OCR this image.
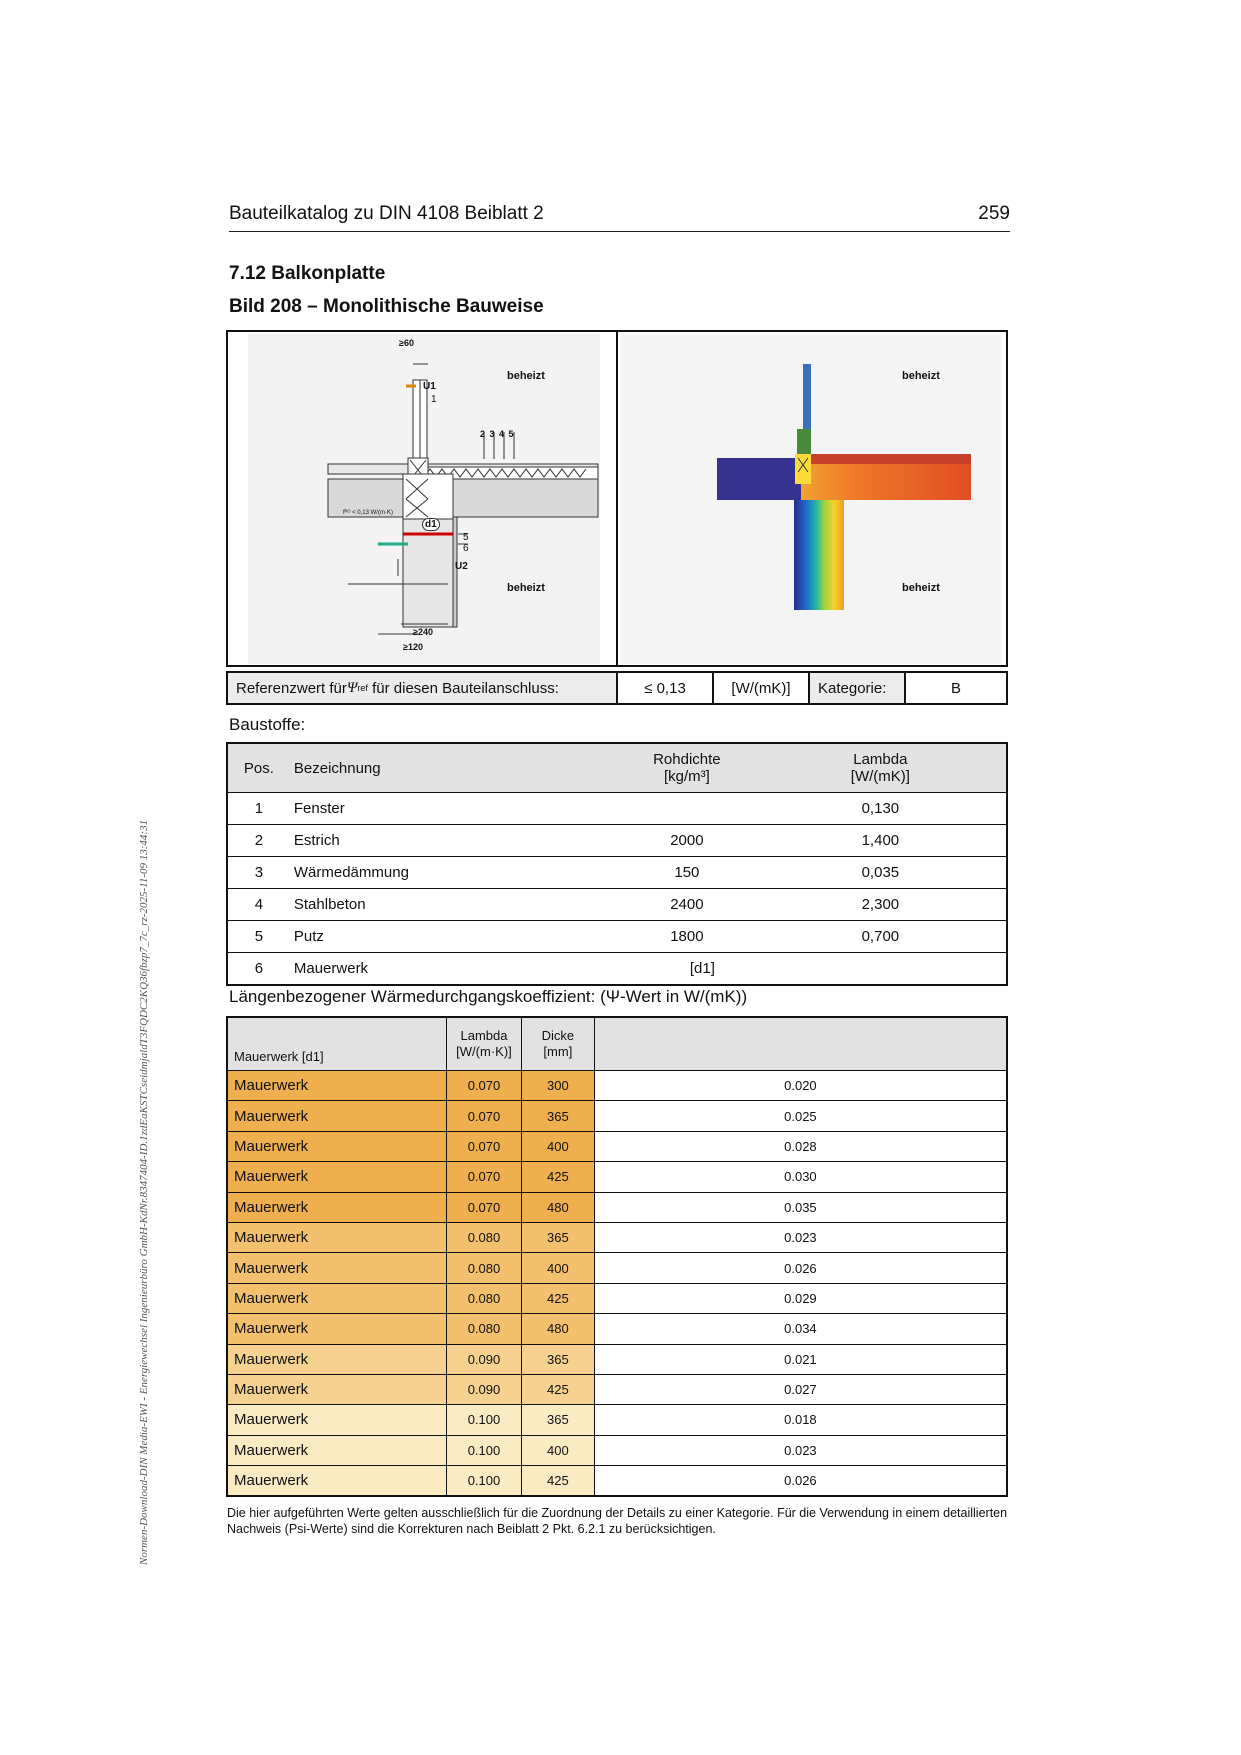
Bauteilkatalog zu DIN 4108 Beiblatt 2	259
7.12 Balkonplatte
Bild 208 – Monolithische Bauweise
≥60
U1
1
2 3 4 5
beheizt
fᴿᴼ < 0,13 W/(m·K)
d1
5
6
U2
beheizt
≥240
≥120
beheizt
beheizt
Referenzwert für Ψ ref für diesen Bauteilanschluss:	≤ 0,13	[W/(mK)]	Kategorie:	B
Baustoffe:
Pos.	Bezeichnung	Rohdichte
[kg/m³]	Lambda
[W/(mK)]
1	Fenster		0,130
2	Estrich	2000	1,400
3	Wärmedämmung	150	0,035
4	Stahlbeton	2400	2,300
5	Putz	1800	0,700
6	Mauerwerk [d1]		

Längenbezogener Wärmedurchgangskoeffizient: (Ψ-Wert in W/(mK))
Mauerwerk [d1]	Lambda
[W/(m·K)]	Dicke
[mm]	
Mauerwerk	0.070	300	0.020
Mauerwerk	0.070	365	0.025
Mauerwerk	0.070	400	0.028
Mauerwerk	0.070	425	0.030
Mauerwerk	0.070	480	0.035
Mauerwerk	0.080	365	0.023
Mauerwerk	0.080	400	0.026
Mauerwerk	0.080	425	0.029
Mauerwerk	0.080	480	0.034
Mauerwerk	0.090	365	0.021
Mauerwerk	0.090	425	0.027
Mauerwerk	0.100	365	0.018
Mauerwerk	0.100	400	0.023
Mauerwerk	0.100	425	0.026
Die hier aufgeführten Werte gelten ausschließlich für die Zuordnung der Details zu einer Kategorie. Für die Verwendung in einem detaillierten Nachweis (Psi-Werte) sind die Korrekturen nach Beiblatt 2 Pkt. 6.2.1 zu berücksichtigen.
Normen-Download-DIN Media-EWI - Energiewechsel Ingenieurbüro GmbH-KdNr.8347404-ID.1zdEaKSTCseidmjaldT3FQDC2KQ36fbzp7_7c_rz-2025-11-09 13:44:31
